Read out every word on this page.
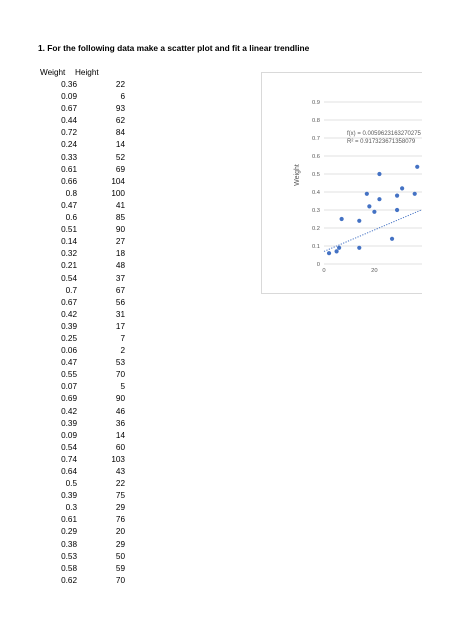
1. For the following data make a scatter plot and fit a linear trendline
Weight Height
0.36	22
0.09	6
0.67	93
0.44	62
0.72	84
0.24	14
0.33	52
0.61	69
0.66	104
0.8	100
0.47	41
0.6	85
0.51	90
0.14	27
0.32	18
0.21	48
0.54	37
0.7	67
0.67	56
0.42	31
0.39	17
0.25	7
0.06	2
0.47	53
0.55	70
0.07	5
0.69	90
0.42	46
0.39	36
0.09	14
0.54	60
0.74	103
0.64	43
0.5	22
0.39	75
0.3	29
0.61	76
0.29	20
0.38	29
0.53	50
0.58	59
0.62	70
0
0.1
0.2
0.3
0.4
0.5
0.6
0.7
0.8
0.9
0	20
Weight
f(x) = 0.0059623163270275
R² = 0.917323671358079
